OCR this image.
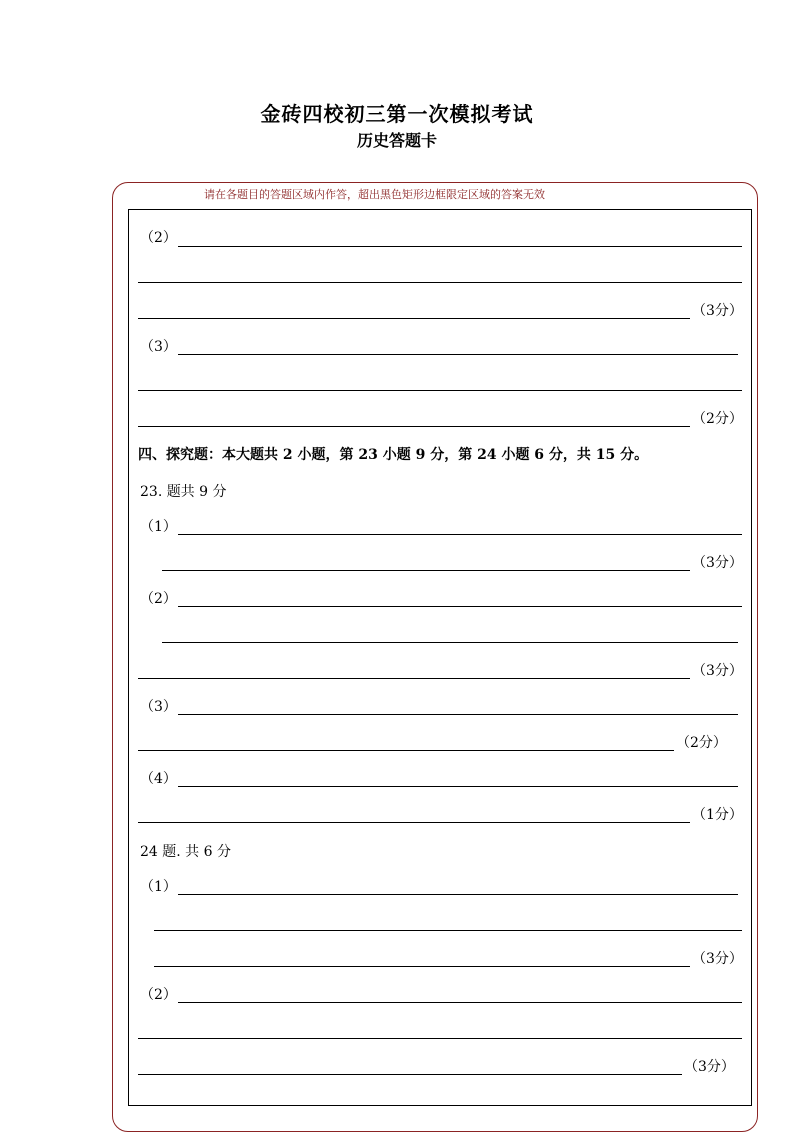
金砖四校初三第一次模拟考试
历史答题卡
请在各题目的答题区域内作答，超出黑色矩形边框限定区域的答案无效
（2）
（3分）
（3）
（2分）
四、探究题：本大题共 2 小题，第 23 小题 9 分，第 24 小题 6 分，共 15 分。
23. 题共 9 分
（1）
（3分）
（2）
（3分）
（3）
（2分）
（4）
（1分）
24 题. 共 6 分
（1）
（3分）
（2）
（3分）
